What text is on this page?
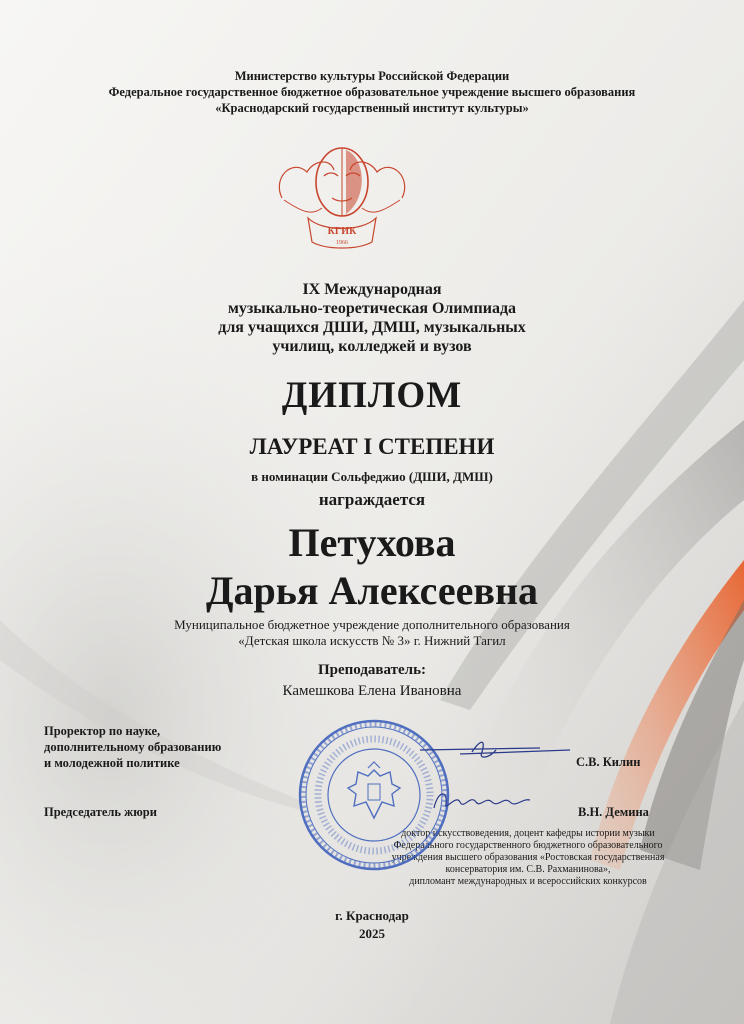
Министерство культуры Российской Федерации
Федеральное государственное бюджетное образовательное учреждение высшего образования
«Краснодарский государственный институт культуры»
КГИК
1966
IX Международная
музыкально-теоретическая Олимпиада
для учащихся ДШИ, ДМШ, музыкальных
училищ, колледжей и вузов
ДИПЛОМ
ЛАУРЕАТ I СТЕПЕНИ
в номинации Сольфеджио (ДШИ, ДМШ)
награждается
Петухова
Дарья Алексеевна
Муниципальное бюджетное учреждение дополнительного образования
«Детская школа искусств № 3» г. Нижний Тагил
Преподаватель:
Камешкова Елена Ивановна
Проректор по науке,
дополнительному образованию
и молодежной политике	С.В. Килин
Председатель жюри	В.Н. Демина
доктор искусствоведения, доцент кафедры истории музыки
Федерального государственного бюджетного образовательного
учреждения высшего образования «Ростовская государственная
консерватория им. С.В. Рахманинова»,
дипломант международных и всероссийских конкурсов
г. Краснодар
2025
